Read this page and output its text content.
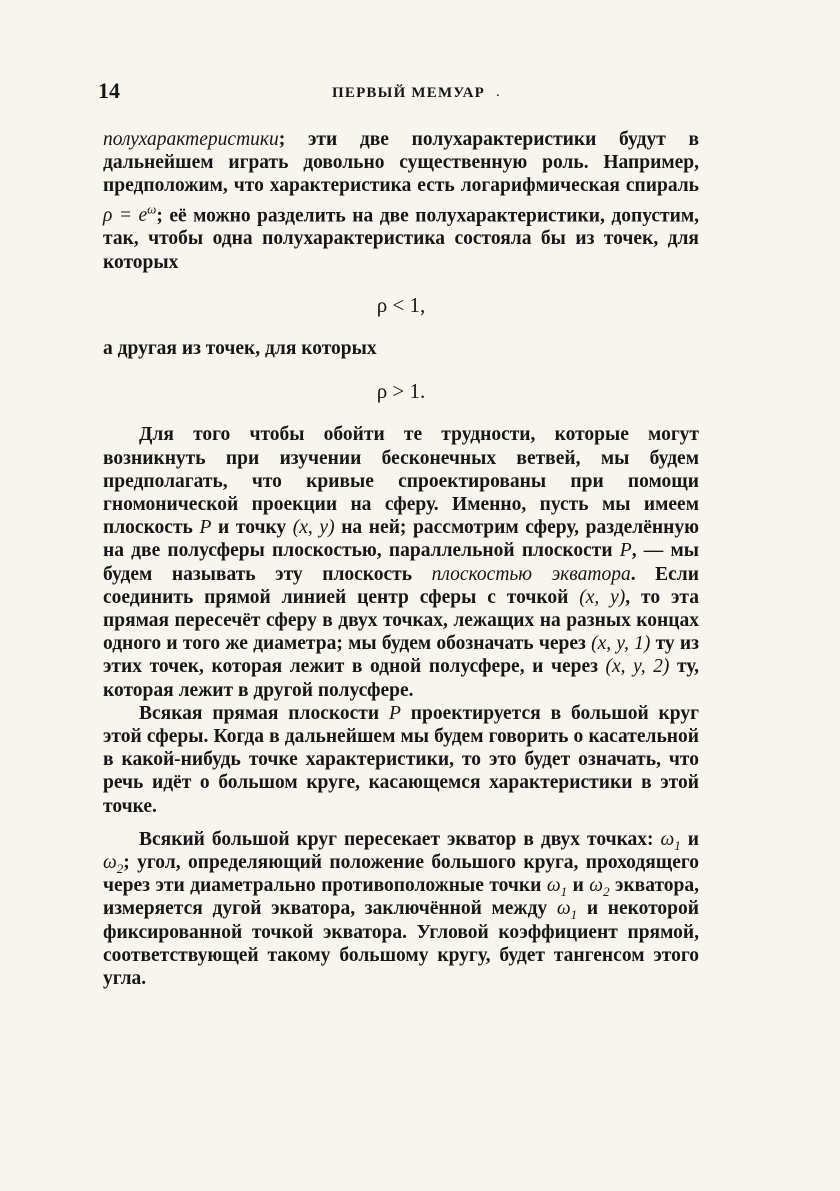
14	ПЕРВЫЙ МЕМУАР .

полухарактеристики; эти две полухарактеристики будут в дальнейшем играть довольно существенную роль. Например, предположим, что характеристика есть логарифмическая спираль $\rho = e^\omega$; её можно разделить на две полухарактеристики, допустим, так, чтобы одна полухарактеристика состояла бы из точек, для которых

ρ < 1,

а другая из точек, для которых

ρ > 1.

Для того чтобы обойти те трудности, которые могут возникнуть при изучении бесконечных ветвей, мы будем предполагать, что кривые спроектированы при помощи гномонической проекции на сферу. Именно, пусть мы имеем плоскость P и точку (x, y) на ней; рассмотрим сферу, разделённую на две полусферы плоскостью, параллельной плоскости P, — мы будем называть эту плоскость плоскостью экватора. Если соединить прямой линией центр сферы с точкой (x, y), то эта прямая пересечёт сферу в двух точках, лежащих на разных концах одного и того же диаметра; мы будем обозначать через (x, y, 1) ту из этих точек, которая лежит в одной полусфере, и через (x, y, 2) ту, которая лежит в другой полусфере.

Всякая прямая плоскости P проектируется в большой круг этой сферы. Когда в дальнейшем мы будем говорить о касательной в какой-нибудь точке характеристики, то это будет означать, что речь идёт о большом круге, касающемся характеристики в этой точке.

Всякий большой круг пересекает экватор в двух точках: $\omega_1$ и $\omega_2$; угол, определяющий положение большого круга, проходящего через эти диаметрально противоположные точки $\omega_1$ и $\omega_2$ экватора, измеряется дугой экватора, заключённой между $\omega_1$ и некоторой фиксированной точкой экватора. Угловой коэффициент прямой, соответствующей такому большому кругу, будет тангенсом этого угла.
